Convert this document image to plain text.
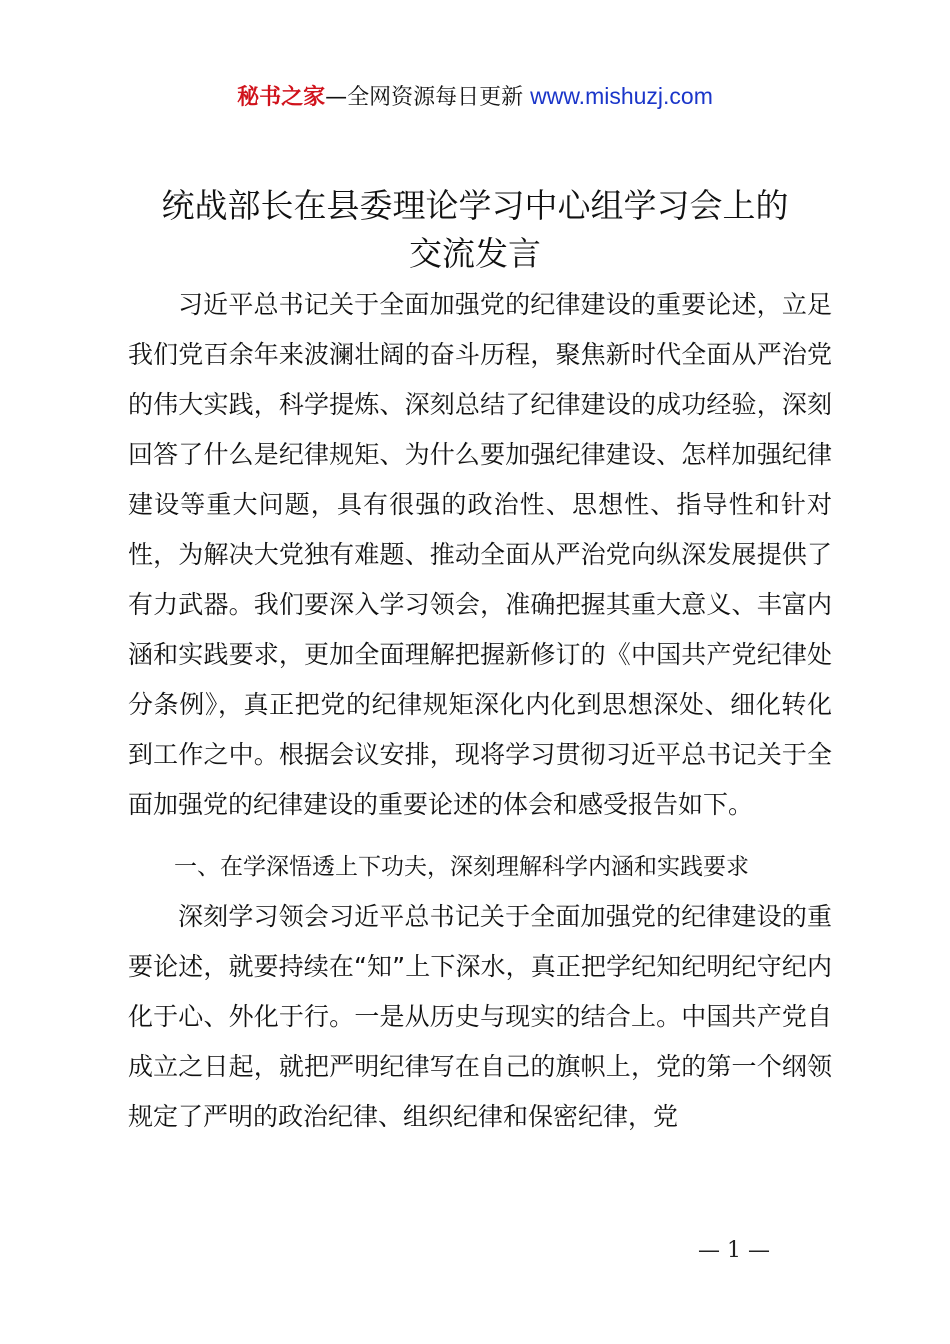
秘书之家—全网资源每日更新 www.mishuzj.com
统战部长在县委理论学习中心组学习会上的
交流发言

习近平总书记关于全面加强党的纪律建设的重要论述，立足我们党百余年来波澜壮阔的奋斗历程，聚焦新时代全面从严治党的伟大实践，科学提炼、深刻总结了纪律建设的成功经验，深刻回答了什么是纪律规矩、为什么要加强纪律建设、怎样加强纪律建设等重大问题，具有很强的政治性、思想性、指导性和针对性，为解决大党独有难题、推动全面从严治党向纵深发展提供了有力武器。我们要深入学习领会，准确把握其重大意义、丰富内涵和实践要求，更加全面理解把握新修订的《中国共产党纪律处分条例》，真正把党的纪律规矩深化内化到思想深处、细化转化到工作之中。根据会议安排，现将学习贯彻习近平总书记关于全面加强党的纪律建设的重要论述的体会和感受报告如下。

一、在学深悟透上下功夫，深刻理解科学内涵和实践要求

深刻学习领会习近平总书记关于全面加强党的纪律建设的重要论述，就要持续在“知”上下深水，真正把学纪知纪明纪守纪内化于心、外化于行。一是从历史与现实的结合上。中国共产党自成立之日起，就把严明纪律写在自己的旗帜上，党的第一个纲领规定了严明的政治纪律、组织纪律和保密纪律，党

— 1 —
